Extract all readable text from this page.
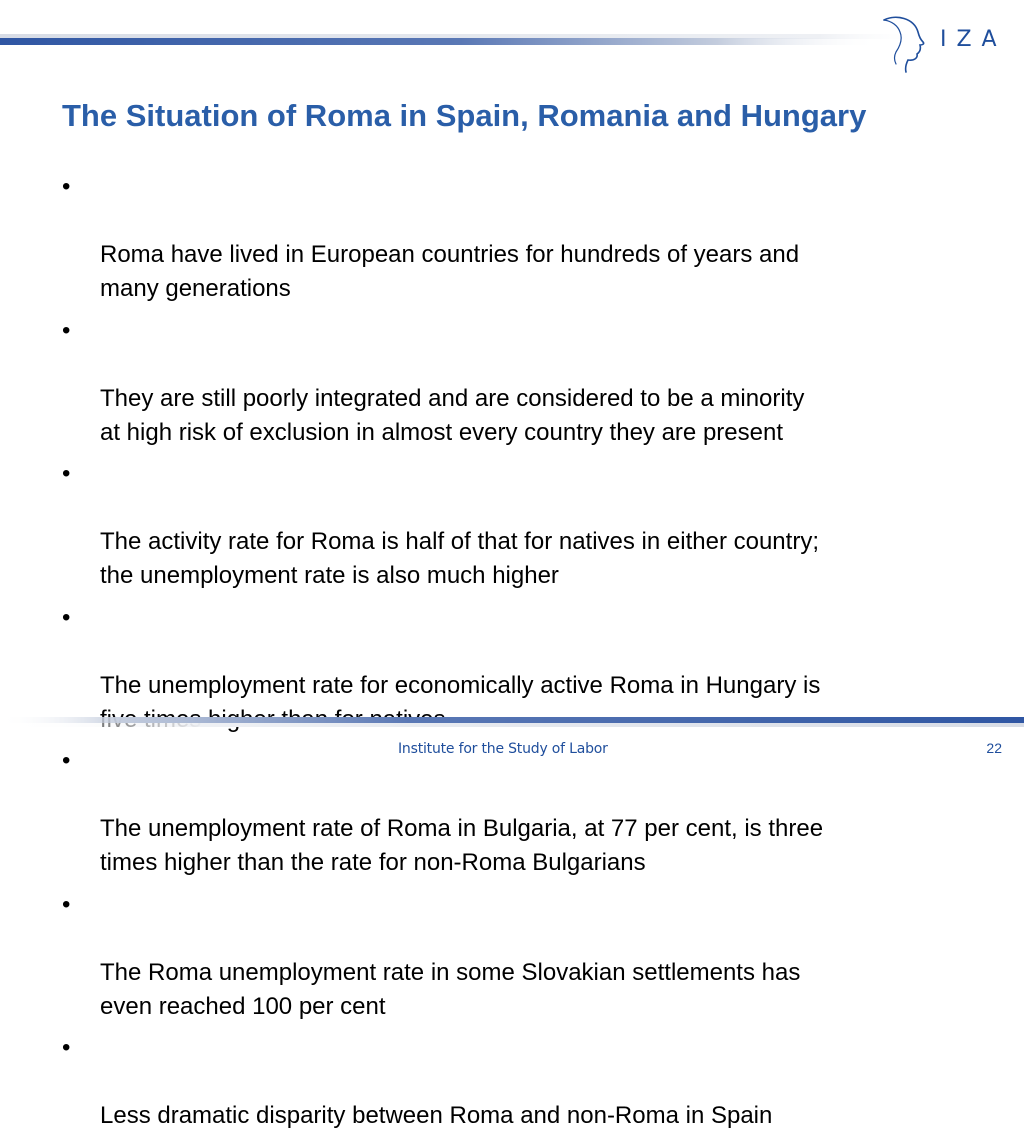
IZA
The Situation of Roma in Spain, Romania and Hungary

•

Roma have lived in European countries for hundreds of years and
many generations

•

They are still poorly integrated and are considered to be a minority
at high risk of exclusion in almost every country they are present

•

The activity rate for Roma is half of that for natives in either country;
the unemployment rate is also much higher

•

The unemployment rate for economically active Roma in Hungary is

•

The unemployment rate of Roma in Bulgaria, at 77 per cent, is three
times higher than the rate for non-Roma Bulgarians

•

The Roma unemployment rate in some Slovakian settlements has
even reached 100 per cent

•

Less dramatic disparity between Roma and non-Roma in Spain

Institute for the Study of Labor	22
